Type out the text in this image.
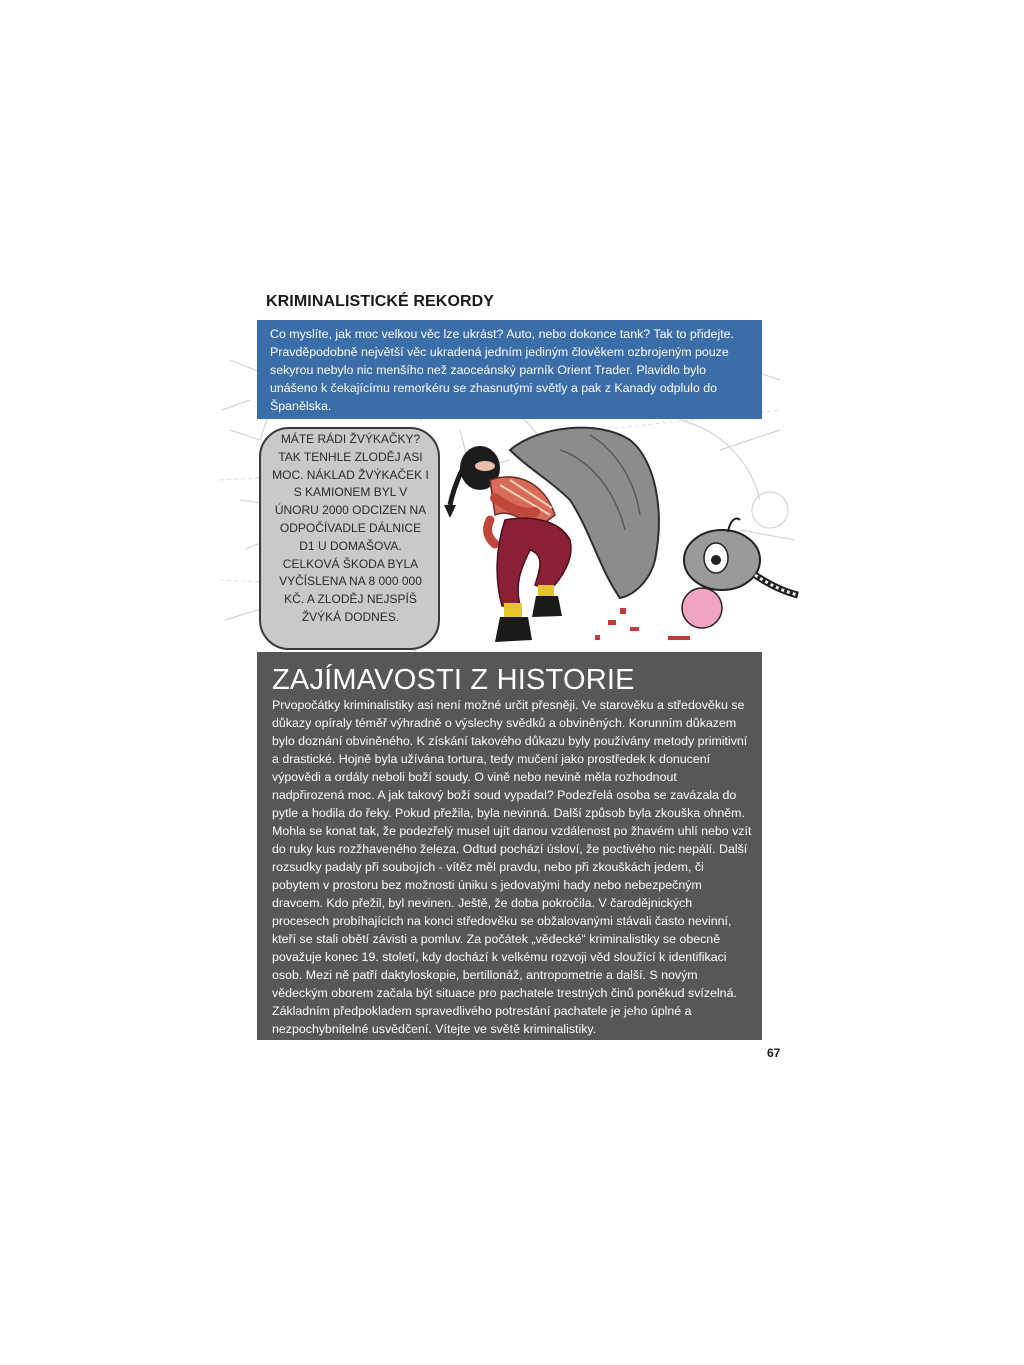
KRIMINALISTICKÉ REKORDY

Co myslíte, jak moc velkou věc lze ukrást? Auto, nebo dokonce tank? Tak to přidejte. Pravděpodobně největší věc ukradená jedním jediným člověkem ozbrojeným pouze sekyrou nebylo nic menšího než zaoceánský parník Orient Trader. Plavidlo bylo unášeno k čekajícímu remorkéru se zhasnutými světly a pak z Kanady odplulo do Španělska.

MÁTE RÁDI ŽVÝKAČKY? TAK TENHLE ZLODĚJ ASI MOC. NÁKLAD ŽVÝKAČEK I S KAMIONEM BYL V ÚNORU 2000 ODCIZEN NA ODPOČÍVADLE DÁLNICE D1 U DOMAŠOVA. CELKOVÁ ŠKODA BYLA VYČÍSLENA NA 8 000 000 KČ. A ZLODĚJ NEJSPÍŠ ŽVÝKÁ DODNES.

ZAJÍMAVOSTI Z HISTORIE

Prvopočátky kriminalistiky asi není možné určit přesněji. Ve starověku a středověku se důkazy opíraly téměř výhradně o výslechy svědků a obviněných. Korunním důkazem bylo doznání obviněného. K získání takového důkazu byly používány metody primitivní a drastické. Hojně byla užívána tortura, tedy mučení jako prostředek k donucení výpovědi a ordály neboli boží soudy. O vině nebo nevině měla rozhodnout nadpřirozená moc. A jak takový boží soud vypadal? Podezřelá osoba se zavázala do pytle a hodila do řeky. Pokud přežila, byla nevinná. Další způsob byla zkouška ohněm. Mohla se konat tak, že podezřelý musel ujít danou vzdálenost po žhavém uhlí nebo vzít do ruky kus rozžhaveného železa. Odtud pochází úsloví, že poctivého nic nepálí. Další rozsudky padaly při soubojích - vítěz měl pravdu, nebo při zkouškách jedem, či pobytem v prostoru bez možnosti úniku s jedovatými hady nebo nebezpečným dravcem. Kdo přežil, byl nevinen. Ještě, že doba pokročila. V čarodějnických procesech probíhajících na konci středověku se obžalovanými stávali často nevinní, kteří se stali obětí závisti a pomluv. Za počátek „vědecké“ kriminalistiky se obecně považuje konec 19. století, kdy dochází k velkému rozvoji věd sloužící k identifikaci osob. Mezi ně patří daktyloskopie, bertillonáž, antropometrie a další. S novým vědeckým oborem začala být situace pro pachatele trestných činů poněkud svízelná. Základním předpokladem spravedlivého potrestání pachatele je jeho úplné a nezpochybnitelné usvědčení. Vítejte ve světě kriminalistiky.

67
